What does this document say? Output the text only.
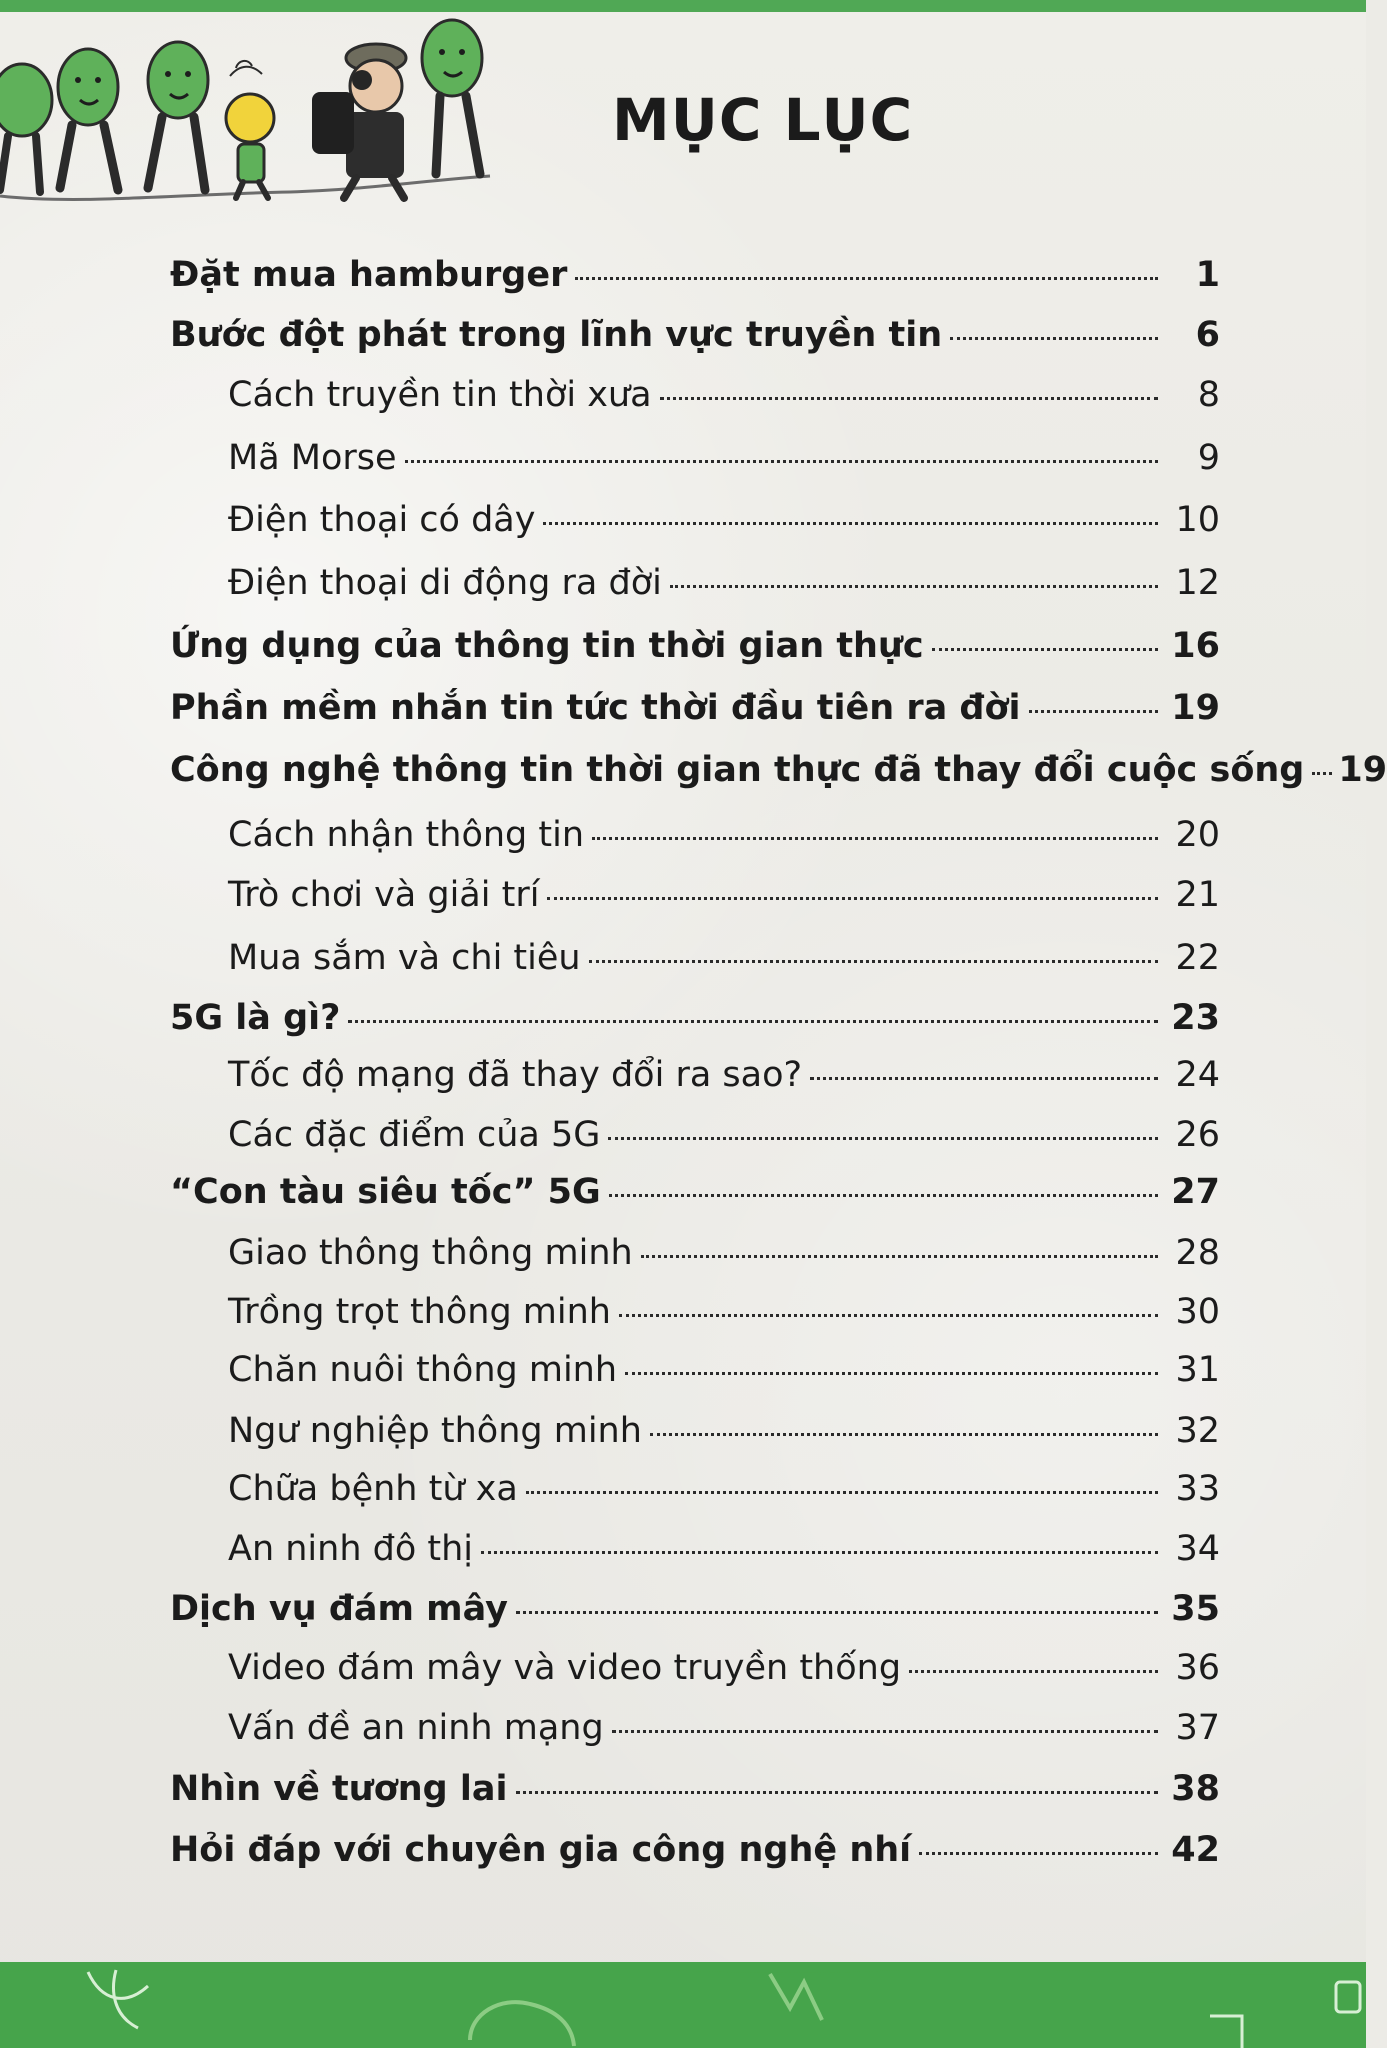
MỤC LỤC
Đặt mua hamburger	1
Bước đột phát trong lĩnh vực truyền tin	6
Cách truyền tin thời xưa	8
Mã Morse	9
Điện thoại có dây	10
Điện thoại di động ra đời	12
Ứng dụng của thông tin thời gian thực	16
Phần mềm nhắn tin tức thời đầu tiên ra đời	19
Công nghệ thông tin thời gian thực đã thay đổi cuộc sống 19
Cách nhận thông tin	20
Trò chơi và giải trí	21
Mua sắm và chi tiêu	22
5G là gì?	23
Tốc độ mạng đã thay đổi ra sao?	24
Các đặc điểm của 5G	26
“Con tàu siêu tốc” 5G	27
Giao thông thông minh	28
Trồng trọt thông minh	30
Chăn nuôi thông minh	31
Ngư nghiệp thông minh	32
Chữa bệnh từ xa	33
An ninh đô thị	34
Dịch vụ đám mây	35
Video đám mây và video truyền thống	36
Vấn đề an ninh mạng	37
Nhìn về tương lai	38
Hỏi đáp với chuyên gia công nghệ nhí	42
